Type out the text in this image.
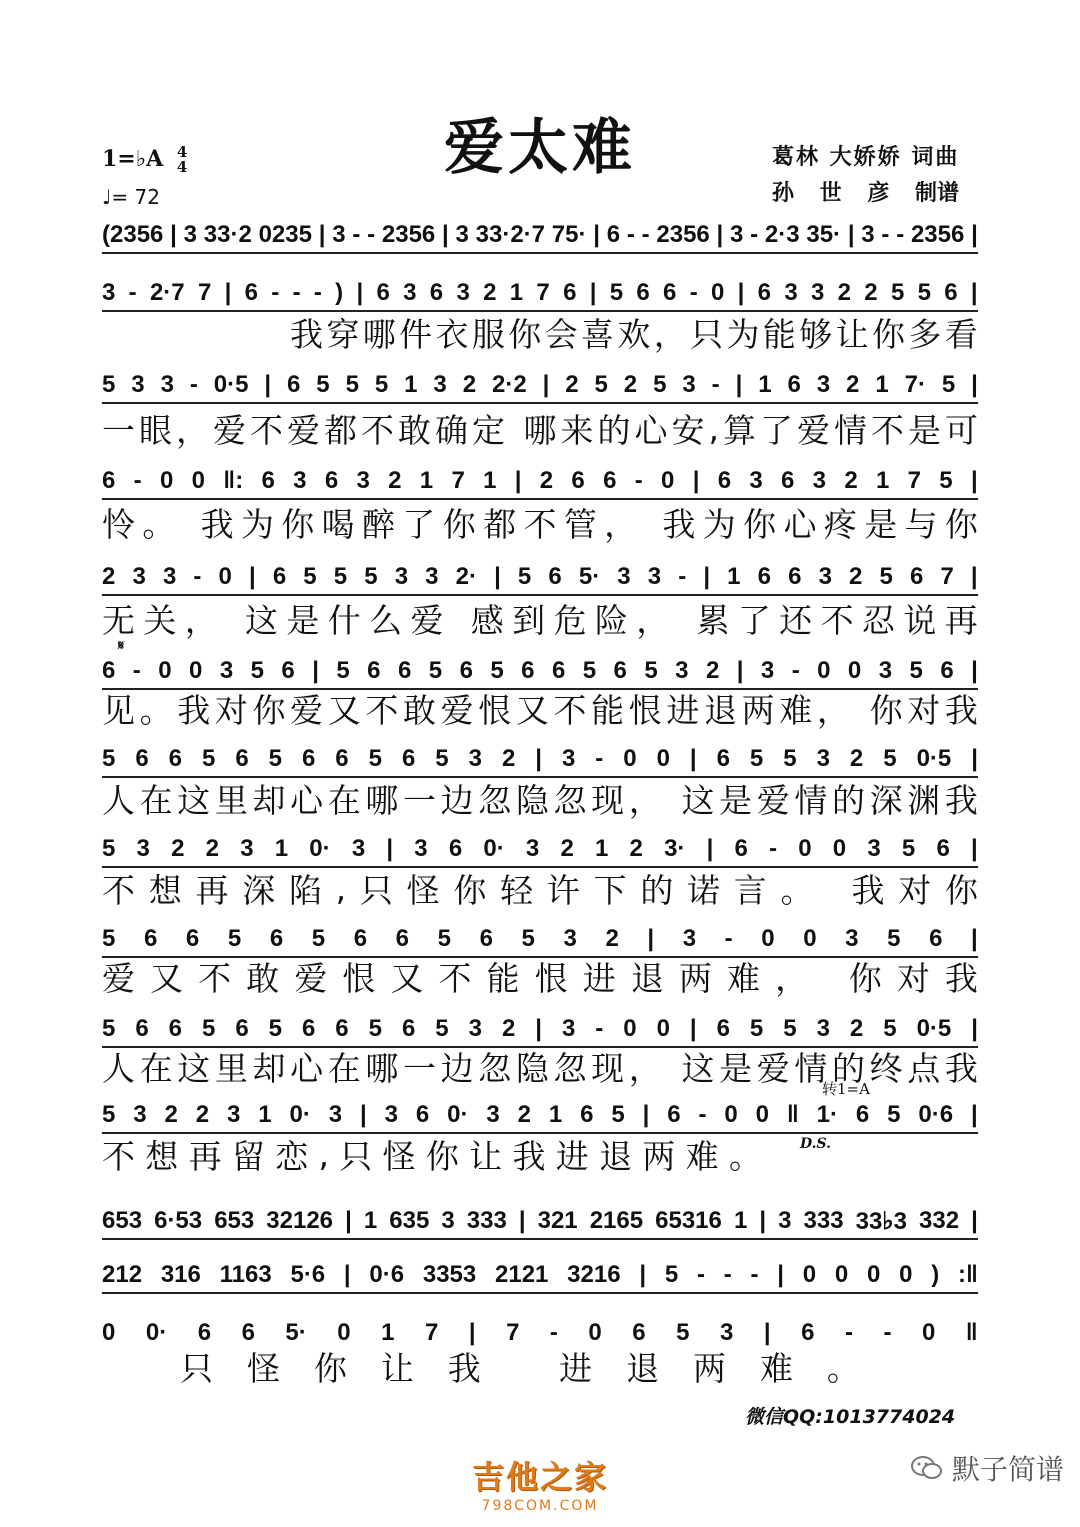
爱太难
1=♭A 4
4
♩= 72
葛林 大娇娇 词曲
孙 世 彦 制谱
(2356 | 3 33·2 0235 | 3 - - 2356 | 3 33·2·7 75· | 6 - - 2356 | 3 - 2·3 35· | 3 - - 2356 |
3 - 2·7 7 | 6 - - - ) | 6 3 6 3 2 1 7 6 | 5 6 6 - 0 | 6 3 3 2 2 5 5 6 |
我 穿 哪 件 衣 服 你 会 喜 欢 ， 只 为 能 够 让 你 多 看
5 3 3 - 0·5 | 6 5 5 5 1 3 2 2·2 | 2 5 2 5 3 - | 1 6 3 2 1 7· 5 |
一 眼 ， 爱 不 爱 都 不 敢 确 定
哪 来 的 心 安 , 算 了 爱 情 不 是 可
6 - 0 0 ‖: 6 3 6 3 2 1 7 1 | 2 6 6 - 0 | 6 3 6 3 2 1 7 5 |
怜 。
我 为 你 喝 醉 了 你 都 不 管 ，
我 为 你 心 疼 是 与 你
2 3 3 - 0 | 6 5 5 5 3 3 2· | 5 6 5· 3 3 - | 1 6 6 3 2 5 6 7 |
无 关 ，
这 是 什 么 爱
感 到 危 险 ，
累 了 还 不 忍 说 再
𝄋
6 - 0 0 3 5 6 | 5 6 6 5 6 5 6 6 5 6 5 3 2 | 3 - 0 0 3 5 6 |
见 。 我 对 你 爱 又 不 敢 爱 恨 又 不 能 恨 进 退 两 难 ，
你 对 我
5 6 6 5 6 5 6 6 5 6 5 3 2 | 3 - 0 0 | 6 5 5 3 2 5 0·5 |
人 在 这 里 却 心 在 哪 一 边 忽 隐 忽 现 ，
这 是 爱 情 的 深 渊 我
5 3 2 2 3 1 0· 3 | 3 6 0· 3 2 1 2 3· | 6 - 0 0 3 5 6 |
不 想 再 深 陷 , 只 怪 你 轻 许 下 的 诺 言 。
我 对 你
5 6 6 5 6 5 6 6 5 6 5 3 2 | 3 - 0 0 3 5 6 |
爱 又 不 敢 爱 恨 又 不 能 恨 进 退 两 难 ，
你 对 我
5 6 6 5 6 5 6 6 5 6 5 3 2 | 3 - 0 0 | 6 5 5 3 2 5 0·5 |
人 在 这 里 却 心 在 哪 一 边 忽 隐 忽 现 ，
这 是 爱 情 的 终 点 我
转1=A
5 3 2 2 3 1 0· 3 | 3 6 0· 3 2 1 6 5 | 6 - 0 0 ‖ 1· 6 5 0·6 |
D.S.
不 想 再 留 恋 , 只 怪 你 让 我 进 退 两 难 。
653 6·53 653 32126 | 1 635 3 333 | 321 2165 65316 1 | 3 333 33♭3 332 |
212 316 1163 5·6 | 0·6 3353 2121 3216 | 5 - - - | 0 0 0 0 ) :‖
0 0· 6 6 5· 0 1 7 | 7 - 0 6 5 3 | 6 - - 0 ‖
只 怪 你 让 我
进 退 两 难 。
微信QQ:1013774024
吉他之家
798COM.COM
默子简谱
